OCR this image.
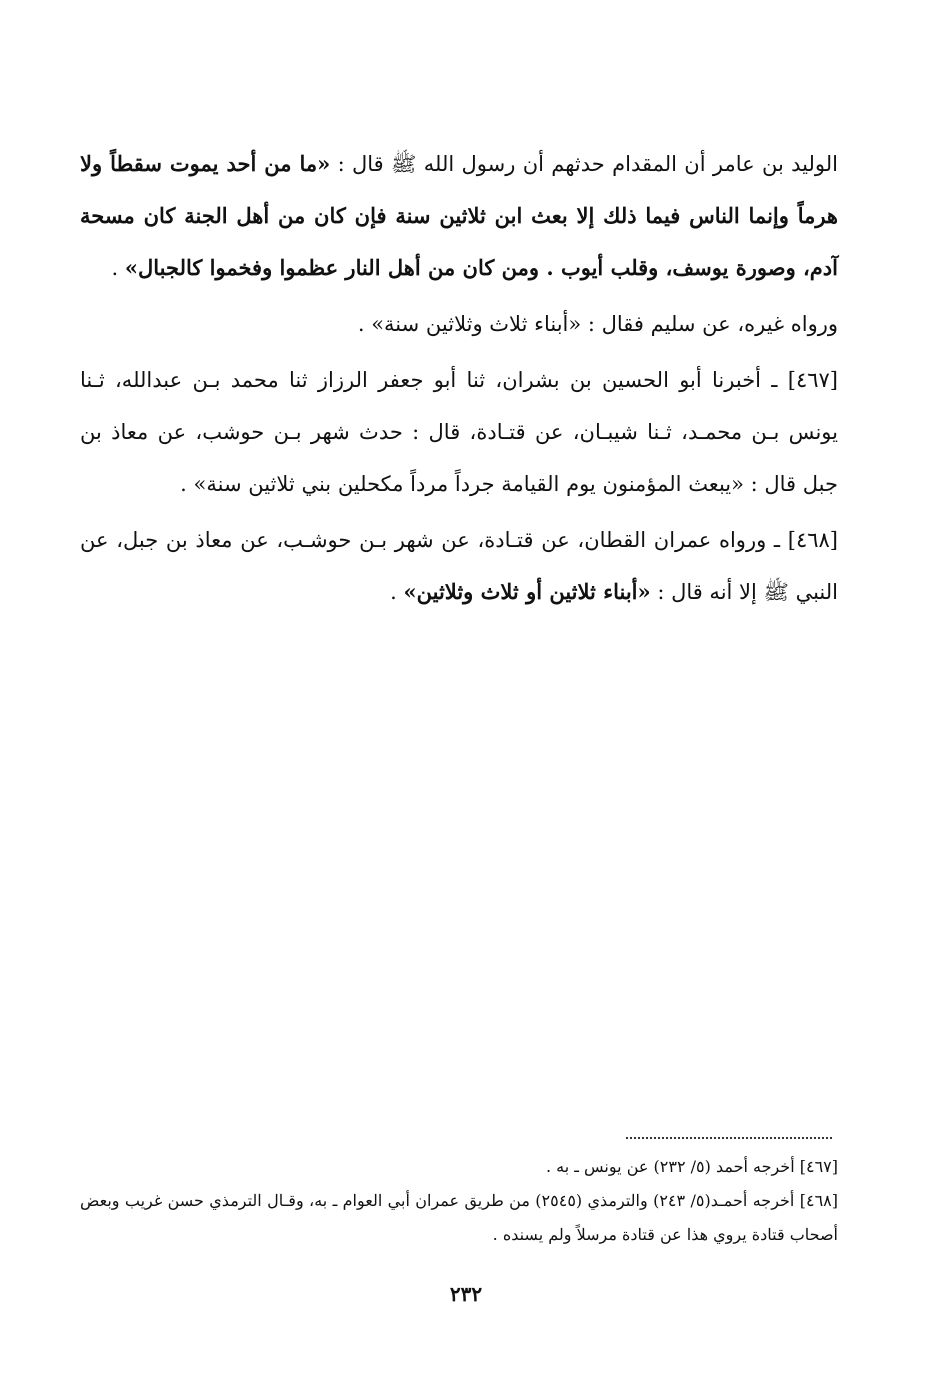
الوليد بن عامر أن المقدام حدثهم أن رسول الله ﷺ قال : «ما من أحد يموت سقطاً ولا هرماً وإنما الناس فيما ذلك إلا بعث ابن ثلاثين سنة فإن كان من أهل الجنة كان مسحة آدم، وصورة يوسف، وقلب أيوب . ومن كان من أهل النار عظموا وفخموا كالجبال» .

ورواه غيره، عن سليم فقال : «أبناء ثلاث وثلاثين سنة» .

[٤٦٧] ـ أخبرنا أبو الحسين بن بشران، ثنا أبو جعفر الرزاز ثنا محمد بـن عبدالله، ثـنا يونس بـن محمـد، ثـنا شيبـان، عن قتـادة، قال : حدث شهر بـن حوشب، عن معاذ بن جبل قال : «يبعث المؤمنون يوم القيامة جرداً مرداً مكحلين بني ثلاثين سنة» .

[٤٦٨] ـ ورواه عمران القطان، عن قتـادة، عن شهر بـن حوشـب، عن معاذ بن جبل، عن النبي ﷺ إلا أنه قال : «أبناء ثلاثين أو ثلاث وثلاثين» .

[٤٦٧] أخرجه أحمد (٥/ ٢٣٢) عن يونس ـ به .

[٤٦٨] أخرجه أحمـد(٥/ ٢٤٣) والترمذي (٢٥٤٥) من طريق عمران أبي العوام ـ به، وقـال الترمذي حسن غريب وبعض أصحاب قتادة يروي هذا عن قتادة مرسلاً ولم يسنده .

٢٣٢
